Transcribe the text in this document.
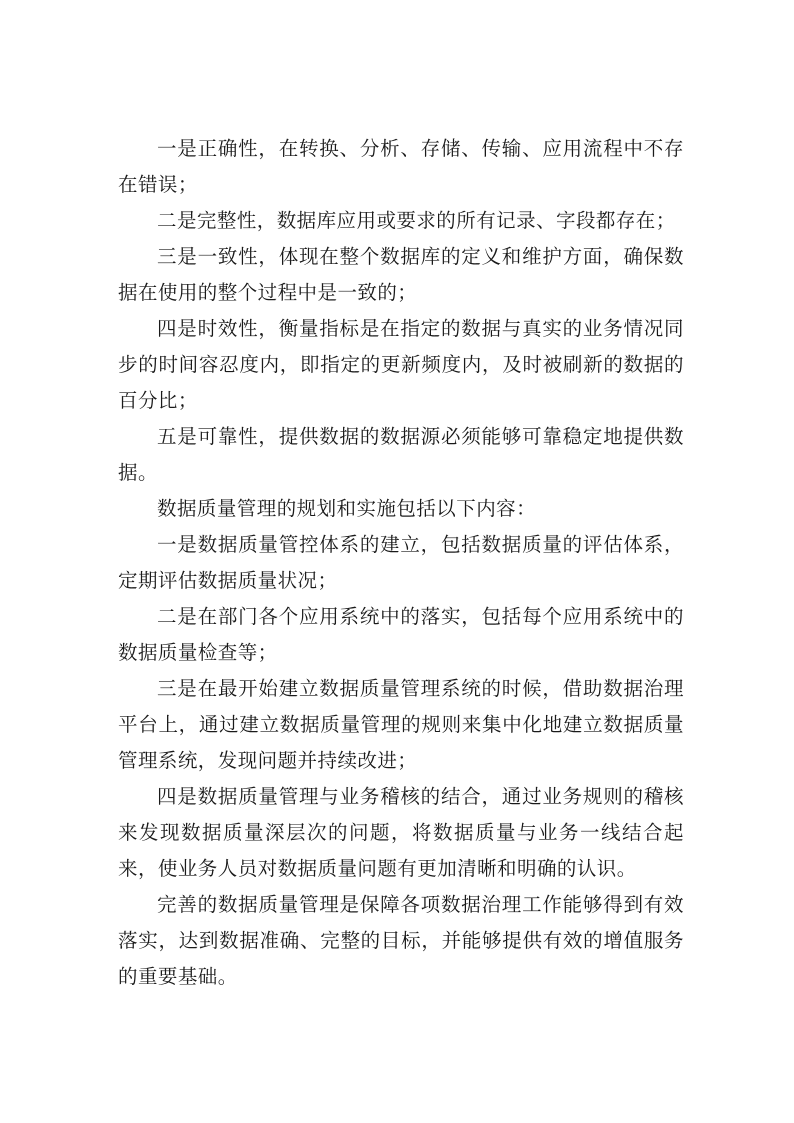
一是正确性，在转换、分析、存储、传输、应用流程中不存在错误；

二是完整性，数据库应用或要求的所有记录、字段都存在；

三是一致性，体现在整个数据库的定义和维护方面，确保数据在使用的整个过程中是一致的；

四是时效性，衡量指标是在指定的数据与真实的业务情况同步的时间容忍度内，即指定的更新频度内，及时被刷新的数据的百分比；

五是可靠性，提供数据的数据源必须能够可靠稳定地提供数据。

数据质量管理的规划和实施包括以下内容：

一是数据质量管控体系的建立，包括数据质量的评估体系，定期评估数据质量状况；

二是在部门各个应用系统中的落实，包括每个应用系统中的数据质量检查等；

三是在最开始建立数据质量管理系统的时候，借助数据治理平台上，通过建立数据质量管理的规则来集中化地建立数据质量管理系统，发现问题并持续改进；

四是数据质量管理与业务稽核的结合，通过业务规则的稽核来发现数据质量深层次的问题，将数据质量与业务一线结合起来，使业务人员对数据质量问题有更加清晰和明确的认识。

完善的数据质量管理是保障各项数据治理工作能够得到有效落实，达到数据准确、完整的目标，并能够提供有效的增值服务的重要基础。
